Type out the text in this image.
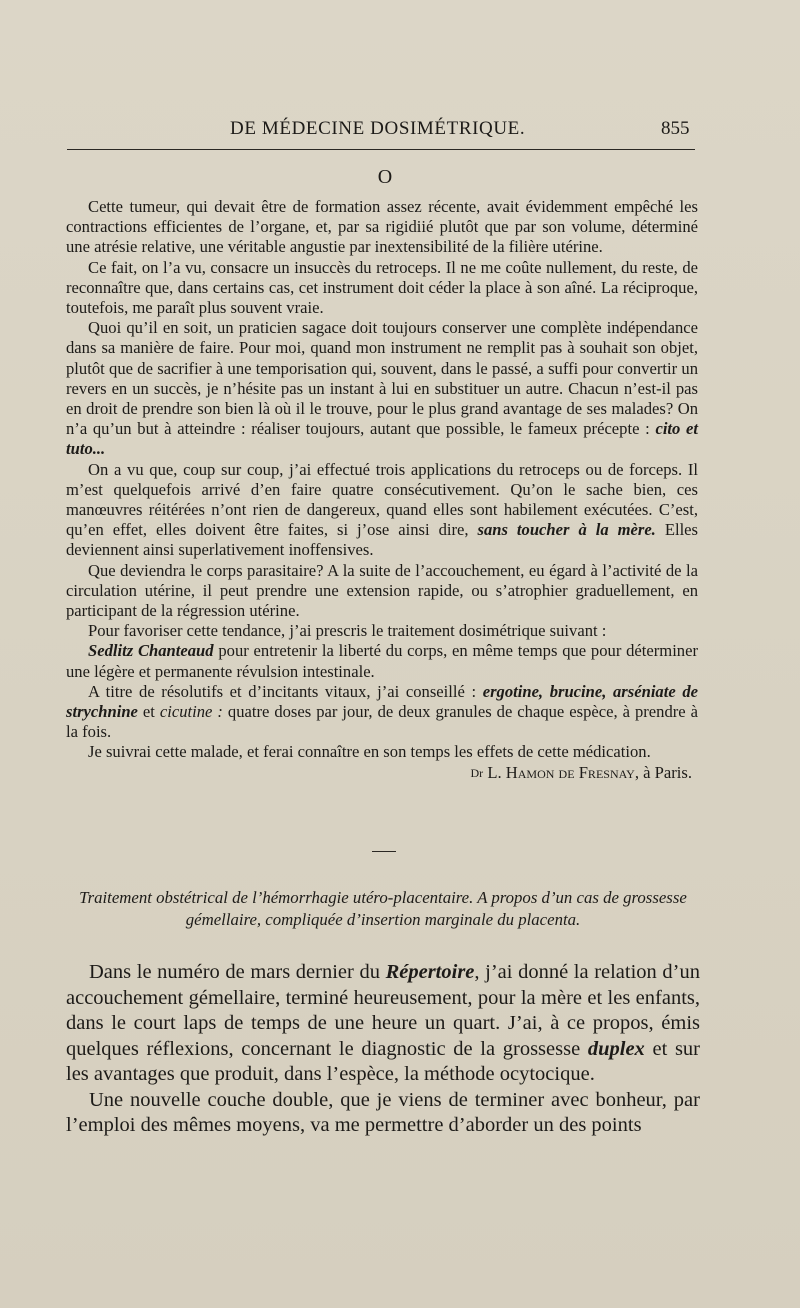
DE MÉDECINE DOSIMÉTRIQUE.	855
O

Cette tumeur, qui devait être de formation assez récente, avait évidemment empêché les contractions efficientes de l’organe, et, par sa rigidiié plutôt que par son volume, déterminé une atrésie relative, une véritable angustie par inextensibilité de la filière utérine.

Ce fait, on l’a vu, consacre un insuccès du retroceps. Il ne me coûte nullement, du reste, de reconnaître que, dans certains cas, cet instrument doit céder la place à son aîné. La réciproque, toutefois, me paraît plus souvent vraie.

Quoi qu’il en soit, un praticien sagace doit toujours conserver une complète indépendance dans sa manière de faire. Pour moi, quand mon instrument ne remplit pas à souhait son objet, plutôt que de sacrifier à une temporisation qui, souvent, dans le passé, a suffi pour convertir un revers en un succès, je n’hésite pas un instant à lui en substituer un autre. Chacun n’est-il pas en droit de prendre son bien là où il le trouve, pour le plus grand avantage de ses malades? On n’a qu’un but à atteindre : réaliser toujours, autant que possible, le fameux précepte : cito et tuto...

On a vu que, coup sur coup, j’ai effectué trois applications du retroceps ou de forceps. Il m’est quelquefois arrivé d’en faire quatre consécutivement. Qu’on le sache bien, ces manœuvres réitérées n’ont rien de dangereux, quand elles sont habilement exécutées. C’est, qu’en effet, elles doivent être faites, si j’ose ainsi dire, sans toucher à la mère. Elles deviennent ainsi superlativement inoffensives.

Que deviendra le corps parasitaire? A la suite de l’accouchement, eu égard à l’activité de la circulation utérine, il peut prendre une extension rapide, ou s’atrophier graduellement, en participant de la régression utérine.

Pour favoriser cette tendance, j’ai prescris le traitement dosimétrique suivant :

Sedlitz Chanteaud pour entretenir la liberté du corps, en même temps que pour déterminer une légère et permanente révulsion intestinale.

A titre de résolutifs et d’incitants vitaux, j’ai conseillé : ergotine, brucine, arséniate de strychnine et cicutine : quatre doses par jour, de deux granules de chaque espèce, à prendre à la fois.

Je suivrai cette malade, et ferai connaître en son temps les effets de cette médication.

$^{Dr}$ L. Hamon de Fresnay, à Paris.

Traitement obstétrical de l’hémorrhagie utéro-placentaire. A propos d’un cas de grossesse gémellaire, compliquée d’insertion marginale du placenta.

Dans le numéro de mars dernier du Répertoire, j’ai donné la relation d’un accouchement gémellaire, terminé heureusement, pour la mère et les enfants, dans le court laps de temps de une heure un quart. J’ai, à ce propos, émis quelques réflexions, concernant le diagnostic de la grossesse duplex et sur les avantages que produit, dans l’espèce, la méthode ocytocique.

Une nouvelle couche double, que je viens de terminer avec bonheur, par l’emploi des mêmes moyens, va me permettre d’aborder un des points
